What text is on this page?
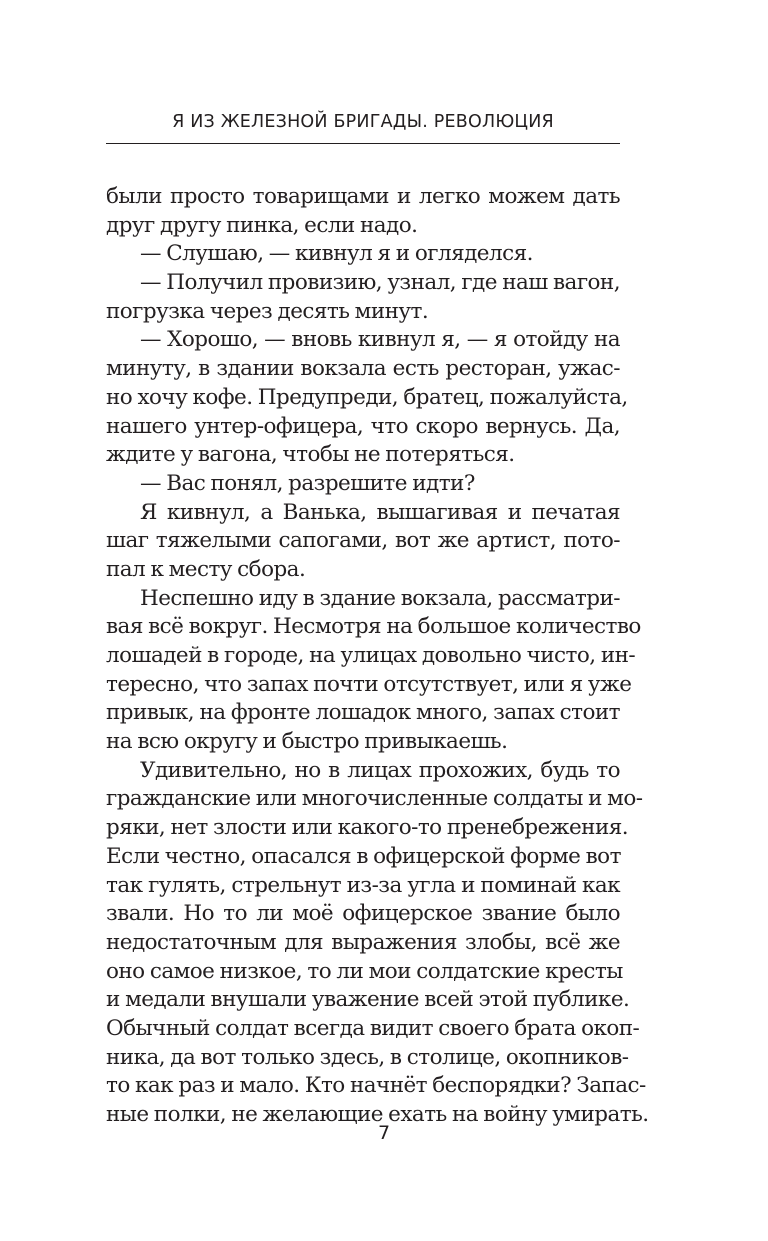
Я ИЗ ЖЕЛЕЗНОЙ БРИГАДЫ. РЕВОЛЮЦИЯ
были просто товарищами и легко можем дать
друг другу пинка, если надо.
— Слушаю, — кивнул я и огляделся.
— Получил провизию, узнал, где наш вагон,
погрузка через десять минут.
— Хорошо, — вновь кивнул я, — я отойду на
минуту, в здании вокзала есть ресторан, ужас-
но хочу кофе. Предупреди, братец, пожалуйста,
нашего унтер-офицера, что скоро вернусь. Да,
ждите у вагона, чтобы не потеряться.
— Вас понял, разрешите идти?
Я кивнул, а Ванька, вышагивая и печатая
шаг тяжелыми сапогами, вот же артист, пото-
пал к месту сбора.
Неспешно иду в здание вокзала, рассматри-
вая всё вокруг. Несмотря на большое количество
лошадей в городе, на улицах довольно чисто, ин-
тересно, что запах почти отсутствует, или я уже
привык, на фронте лошадок много, запах стоит
на всю округу и быстро привыкаешь.
Удивительно, но в лицах прохожих, будь то
гражданские или многочисленные солдаты и мо-
ряки, нет злости или какого-то пренебрежения.
Если честно, опасался в офицерской форме вот
так гулять, стрельнут из-за угла и поминай как
звали. Но то ли моё офицерское звание было
недостаточным для выражения злобы, всё же
оно самое низкое, то ли мои солдатские кресты
и медали внушали уважение всей этой публике.
Обычный солдат всегда видит своего брата окоп-
ника, да вот только здесь, в столице, окопников-
то как раз и мало. Кто начнёт беспорядки? Запас-
ные полки, не желающие ехать на войну умирать.
7
